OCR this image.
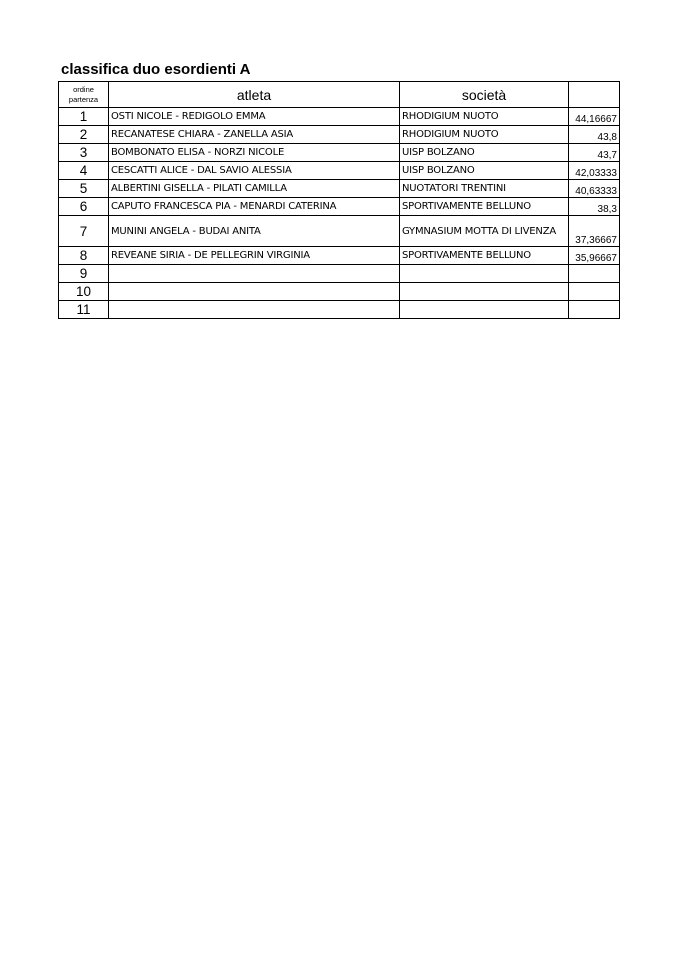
classifica duo esordienti A
ordine
partenza	atleta	società	
1	OSTI NICOLE - REDIGOLO EMMA	RHODIGIUM NUOTO	44,16667
2	RECANATESE CHIARA - ZANELLA ASIA	RHODIGIUM NUOTO	43,8
3	BOMBONATO ELISA - NORZI NICOLE	UISP BOLZANO	43,7
4	CESCATTI ALICE - DAL SAVIO ALESSIA	UISP BOLZANO	42,03333
5	ALBERTINI GISELLA - PILATI CAMILLA	NUOTATORI TRENTINI	40,63333
6	CAPUTO FRANCESCA PIA - MENARDI CATERINA	SPORTIVAMENTE BELLUNO	38,3
7	MUNINI ANGELA - BUDAI ANITA	GYMNASIUM MOTTA DI LIVENZA	37,36667
8	REVEANE SIRIA - DE PELLEGRIN VIRGINIA	SPORTIVAMENTE BELLUNO	35,96667
9			
10			
11			
